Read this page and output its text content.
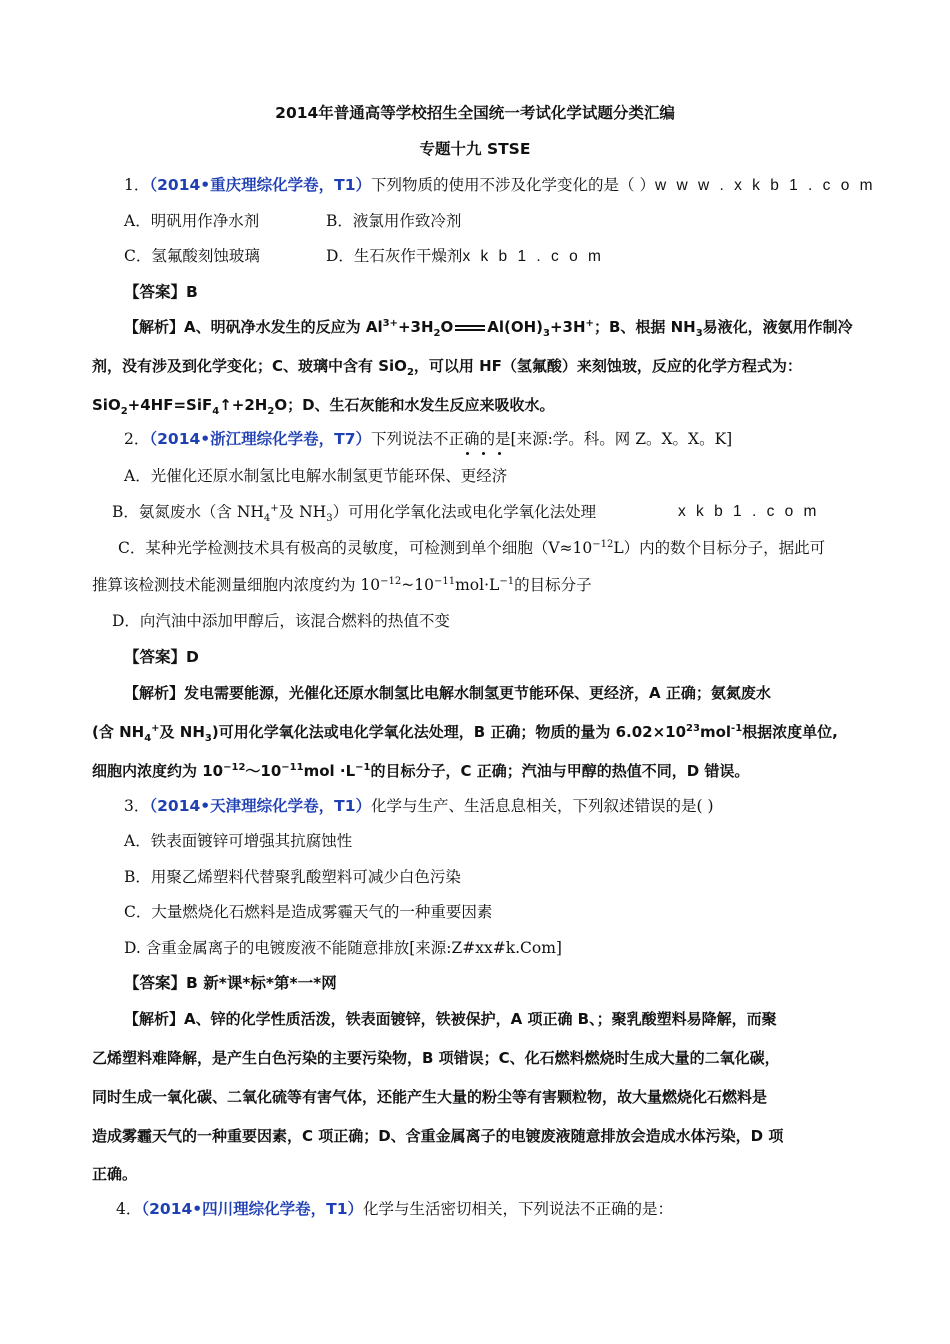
2014年普通高等学校招生全国统一考试化学试题分类汇编
专题十九 STSE
1．（2014•重庆理综化学卷，T1）下列物质的使用不涉及化学变化的是（ ）w w w . x k b 1 . c o m
A．明矾用作净水剂	B．液氯用作致冷剂
C．氢氟酸刻蚀玻璃	D．生石灰作干燥剂x k b 1 . c o m
【答案】B
【解析】A、明矾净水发生的反应为 $Al^{3+}+3H_2O$ $Al(OH)_3+3H^+$；B、根据 $NH_3$易液化，液氨用作制冷
剂，没有涉及到化学变化；C、玻璃中含有 SiO$_2$，可以用 HF（氢氟酸）来刻蚀玻，反应的化学方程式为：
$SiO_2+4HF=SiF_4↑+2H_2O$；D、生石灰能和水发生反应来吸收水。
2．（2014•浙江理综化学卷，T7）下列说法不正确的是[来源:学。科。网 Z。X。X。K]
A．光催化还原水制氢比电解水制氢更节能环保、更经济
B．氨氮废水（含 $NH_4^+$及 $NH_3$）可用化学氧化法或电化学氧化法处理	x k b 1 . c o m
C．某种光学检测技术具有极高的灵敏度，可检测到单个细胞$(V\approx 10^{-12}L)$内的数个目标分子，据此可
推算该检测技术能测量细胞内浓度约为 $10^{-12}\sim 10^{-11}mol\cdot L^{-1}$的目标分子
D．向汽油中添加甲醇后，该混合燃料的热值不变
【答案】D
【解析】发电需要能源，光催化还原水制氢比电解水制氢更节能环保、更经济，A 正确；氨氮废水
(含 $NH_4^+$及 $NH_3$)可用化学氧化法或电化学氧化法处理，B 正确；物质的量为 $6.02\times 10^{23}mol^{-1}$根据浓度单位,
细胞内浓度约为 $10^{-12}\sim 10^{-11}mol \cdot L^{-1}$的目标分子，C 正确；汽油与甲醇的热值不同，D 错误。
3．（2014•天津理综化学卷，T1）化学与生产、生活息息相关，下列叙述错误的是( )
A．铁表面镀锌可增强其抗腐蚀性
B．用聚乙烯塑料代替聚乳酸塑料可减少白色污染
C．大量燃烧化石燃料是造成雾霾天气的一种重要因素
D. 含重金属离子的电镀废液不能随意排放[来源:Z#xx#k.Com]
【答案】B 新*课*标*第*一*网
【解析】A、锌的化学性质活泼，铁表面镀锌，铁被保护，A 项正确 B、；聚乳酸塑料易降解，而聚
乙烯塑料难降解，是产生白色污染的主要污染物，B 项错误；C、化石燃料燃烧时生成大量的二氧化碳，
同时生成一氧化碳、二氧化硫等有害气体，还能产生大量的粉尘等有害颗粒物，故大量燃烧化石燃料是
造成雾霾天气的一种重要因素，C 项正确；D、含重金属离子的电镀废液随意排放会造成水体污染，D 项
正确。
4．（2014•四川理综化学卷，T1）化学与生活密切相关，下列说法不正确的是：
